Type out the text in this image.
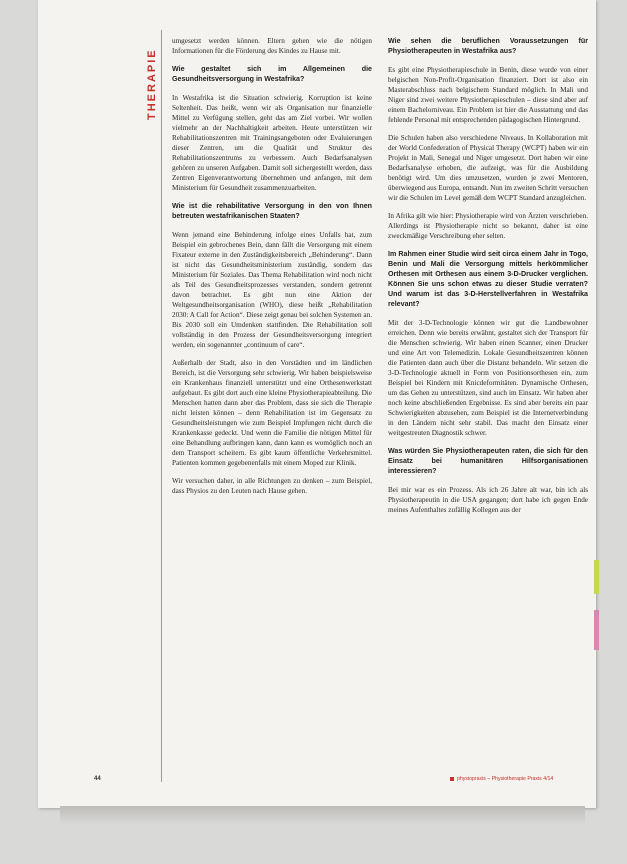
THERAPIE

umgesetzt werden können. Eltern gehen wie die nötigen Informationen für die Förderung des Kindes zu Hause mit.

Wie gestaltet sich im Allgemeinen die Gesundheitsversorgung in Westafrika?

In Westafrika ist die Situation schwierig. Korruption ist keine Seltenheit. Das heißt, wenn wir als Organisation nur finanzielle Mittel zu Verfügung stellen, geht das am Ziel vorbei. Wir wollen vielmehr an der Nachhaltigkeit arbeiten. Heute unterstützen wir Rehabilitationszentren mit Trainingsangeboten oder Evaluierungen dieser Zentren, um die Qualität und Struktur des Rehabilitationszentrums zu verbessern. Auch Bedarfsanalysen gehören zu unseren Aufgaben. Damit soll sichergestellt werden, dass Zentren Eigenverantwortung übernehmen und anfangen, mit dem Ministerium für Gesundheit zusammenzuarbeiten.

Wie ist die rehabilitative Versorgung in den von Ihnen betreuten westafrikanischen Staaten?

Wenn jemand eine Behinderung infolge eines Unfalls hat, zum Beispiel ein gebrochenes Bein, dann fällt die Versorgung mit einem Fixateur externe in den Zuständigkeitsbereich „Behinderung“. Dann ist nicht das Gesundheitsministerium zuständig, sondern das Ministerium für Soziales. Das Thema Rehabilitation wird noch nicht als Teil des Gesundheitsprozesses verstanden, sondern getrennt davon betrachtet. Es gibt nun eine Aktion der Weltgesundheitsorganisation (WHO), diese heißt „Rehabilitation 2030: A Call for Action“. Diese zeigt genau bei solchen Systemen an. Bis 2030 soll ein Umdenken stattfinden. Die Rehabilitation soll vollständig in den Prozess der Gesundheitsversorgung integriert werden, ein sogenannter „continuum of care“.

Außerhalb der Stadt, also in den Vorstädten und im ländlichen Bereich, ist die Versorgung sehr schwierig. Wir haben beispielsweise ein Krankenhaus finanziell unterstützt und eine Orthesenwerkstatt aufgebaut. Es gibt dort auch eine kleine Physiotherapieabteilung. Die Menschen hatten dann aber das Problem, dass sie sich die Therapie nicht leisten können – denn Rehabilitation ist im Gegensatz zu Gesundheitsleistungen wie zum Beispiel Impfungen nicht durch die Krankenkasse gedeckt. Und wenn die Familie die nötigen Mittel für eine Behandlung aufbringen kann, dann kann es womöglich noch an dem Transport scheitern. Es gibt kaum öffentliche Verkehrsmittel. Patienten kommen gegebenenfalls mit einem Moped zur Klinik.

Wir versuchen daher, in alle Richtungen zu denken – zum Beispiel, dass Physios zu den Leuten nach Hause gehen.

Wie sehen die beruflichen Voraussetzungen für Physiotherapeuten in Westafrika aus?

Es gibt eine Physiotherapieschule in Benin, diese wurde von einer belgischen Non-Profit-Organisation finanziert. Dort ist also ein Masterabschluss nach belgischem Standard möglich. In Mali und Niger sind zwei weitere Physiotherapieschulen – diese sind aber auf einem Bachelorniveau. Ein Problem ist hier die Ausstattung und das fehlende Personal mit entsprechenden pädagogischen Hintergrund.

Die Schulen haben also verschiedene Niveaus. In Kollaboration mit der World Confederation of Physical Therapy (WCPT) haben wir ein Projekt in Mali, Senegal und Niger umgesetzt. Dort haben wir eine Bedarfsanalyse erhoben, die aufzeigt, was für die Ausbildung benötigt wird. Um dies umzusetzen, wurden je zwei Mentoren, überwiegend aus Europa, entsandt. Nun im zweiten Schritt versuchen wir die Schulen im Level gemäß dem WCPT Standard anzugleichen.

In Afrika gilt wie hier: Physiotherapie wird von Ärzten verschrieben. Allerdings ist Physiotherapie nicht so bekannt, daher ist eine zweckmäßige Verschreibung eher selten.

Im Rahmen einer Studie wird seit circa einem Jahr in Togo, Benin und Mali die Versorgung mittels herkömmlicher Orthesen mit Orthesen aus einem 3-D-Drucker verglichen. Können Sie uns schon etwas zu dieser Studie verraten? Und warum ist das 3-D-Herstellverfahren in Westafrika relevant?

Mit der 3-D-Technologie können wir gut die Landbewohner erreichen. Denn wie bereits erwähnt, gestaltet sich der Transport für die Menschen schwierig. Wir haben einen Scanner, einen Drucker und eine Art von Telemedizin. Lokale Gesundheitszentren können die Patienten dann auch über die Distanz behandeln. Wir setzen die 3-D-Technologie aktuell in Form von Positionsorthesen ein, zum Beispiel bei Kindern mit Knicdeformitäten. Dynamische Orthesen, um das Gehen zu unterstützen, sind auch im Einsatz. Wir haben aber noch keine abschließenden Ergebnisse. Es sind aber bereits ein paar Schwierigkeiten abzusehen, zum Beispiel ist die Internetverbindung in den Ländern nicht sehr stabil. Das macht den Einsatz einer weitgestreuten Diagnostik schwer.

Was würden Sie Physiotherapeuten raten, die sich für den Einsatz bei humanitären Hilfsorganisationen interessieren?

Bei mir war es ein Prozess. Als ich 26 Jahre alt war, bin ich als Physiotherapeutin in die USA gegangen; dort habe ich gegen Ende meines Aufenthaltes zufällig Kollegen aus der

44	physiopraxis – Physiotherapie Praxis 4/14
